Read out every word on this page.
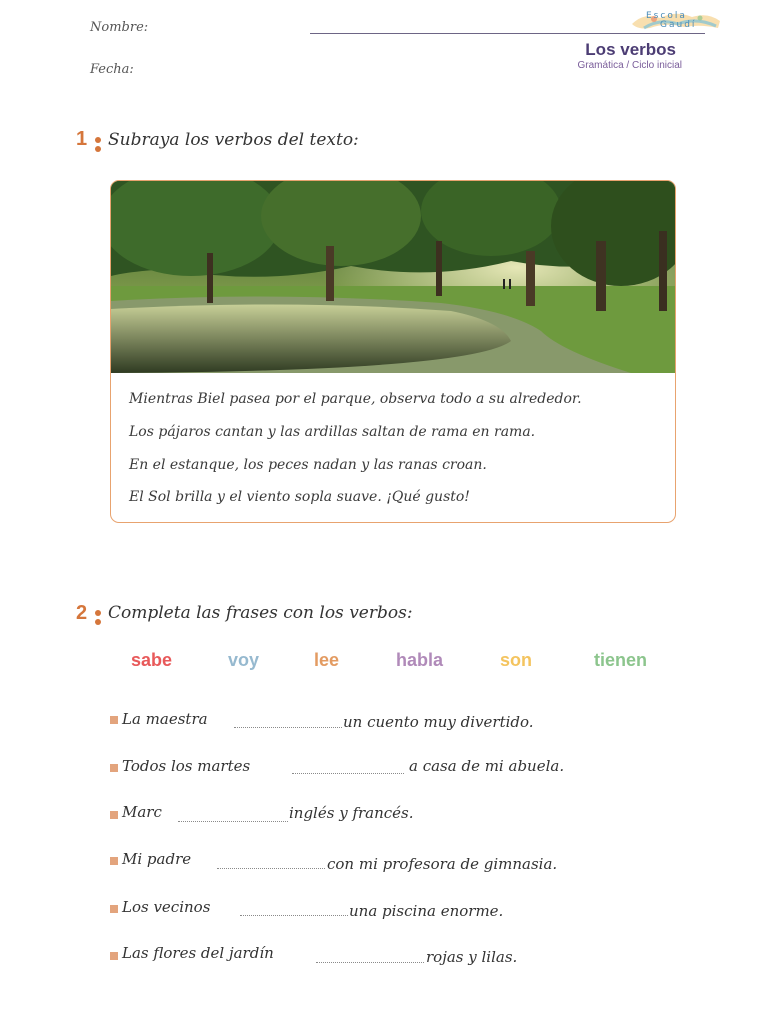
Nombre:
Fecha:
Escola
Gaudí
Los verbos
Gramática / Ciclo inicial
1 Subraya los verbos del texto:
Mientras Biel pasea por el parque, observa todo a su alrededor.
Los pájaros cantan y las ardillas saltan de rama en rama.
En el estanque, los peces nadan y las ranas croan.
El Sol brilla y el viento sopla suave. ¡Qué gusto!
2 Completa las frases con los verbos:
sabe	voy	lee	habla	son	tienen
La maestra	un cuento muy divertido.
Todos los martes	a casa de mi abuela.
Marc	inglés y francés.
Mi padre	con mi profesora de gimnasia.
Los vecinos	una piscina enorme.
Las flores del jardín	rojas y lilas.
